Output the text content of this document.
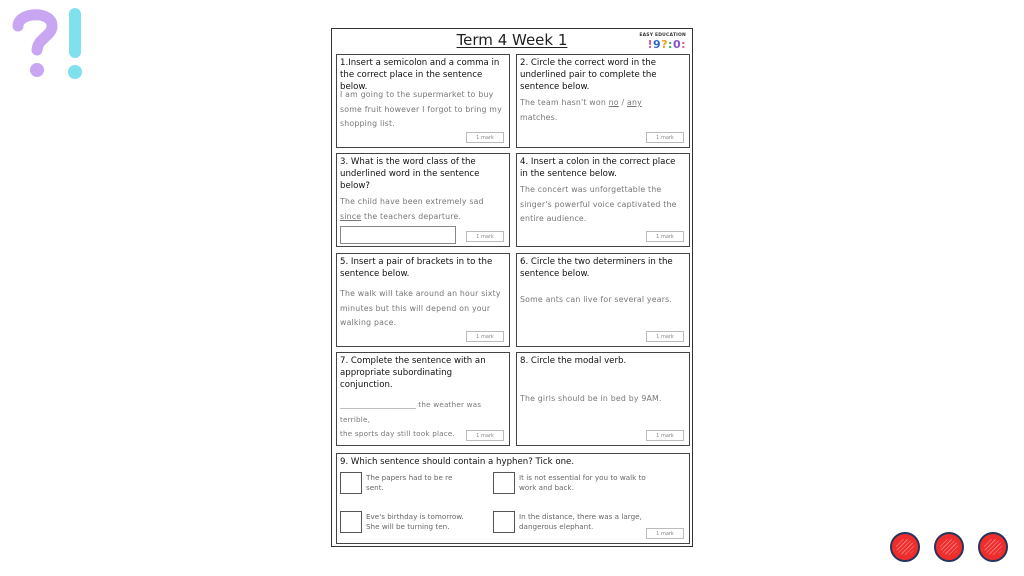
Term 4 Week 1	EASY EDUCATION
!9?:0:
1.Insert a semicolon and a comma in the correct place in the sentence below.
I am going to the supermarket to buy some fruit however I forgot to bring my shopping list.
1 mark
2. Circle the correct word in the underlined pair to complete the sentence below.
The team hasn't won no / any
matches.
1 mark
3. What is the word class of the underlined word in the sentence below?
The child have been extremely sad since the teachers departure.
1 mark
4. Insert a colon in the correct place in the sentence below.
The concert was unforgettable the singer's powerful voice captivated the entire audience.
1 mark
5. Insert a pair of brackets in to the sentence below.
The walk will take around an hour sixty minutes but this will depend on your walking pace.
1 mark
6. Circle the two determiners in the sentence below.
Some ants can live for several years.
1 mark
7. Complete the sentence with an appropriate subordinating conjunction.
____________________ the weather was terrible,
the sports day still took place.	1 mark
8. Circle the modal verb.
The girls should be in bed by 9AM.
1 mark
9. Which sentence should contain a hyphen? Tick one.
The papers had to be re sent.
It is not essential for you to walk to work and back.
Eve's birthday is tomorrow. She will be turning ten.
In the distance, there was a large, dangerous elephant.
1 mark
